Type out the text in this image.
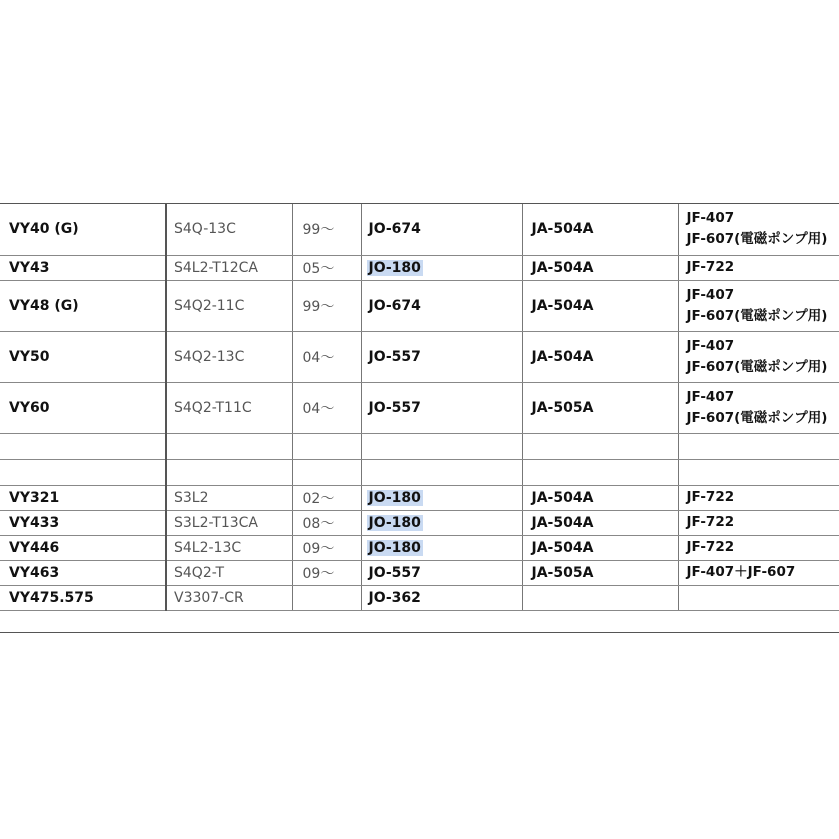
VY40 (G)	S4Q-13C	99～	JO-674	JA-504A	JF-407
JF-607(電磁ポンプ用)

VY43	S4L2-T12CA	05～	JO-180	JA-504A	JF-722

VY48 (G)	S4Q2-11C	99～	JO-674	JA-504A	JF-407
JF-607(電磁ポンプ用)

VY50	S4Q2-13C	04～	JO-557	JA-504A	JF-407
JF-607(電磁ポンプ用)

VY60	S4Q2-T11C	04～	JO-557	JA-505A	JF-407
JF-607(電磁ポンプ用)

VY321	S3L2	02～	JO-180	JA-504A	JF-722

VY433	S3L2-T13CA	08～	JO-180	JA-504A	JF-722

VY446	S4L2-13C	09～	JO-180	JA-504A	JF-722

VY463	S4Q2-T	09～	JO-557	JA-505A	JF-407＋JF-607

VY475.575	V3307-CR		JO-362		
